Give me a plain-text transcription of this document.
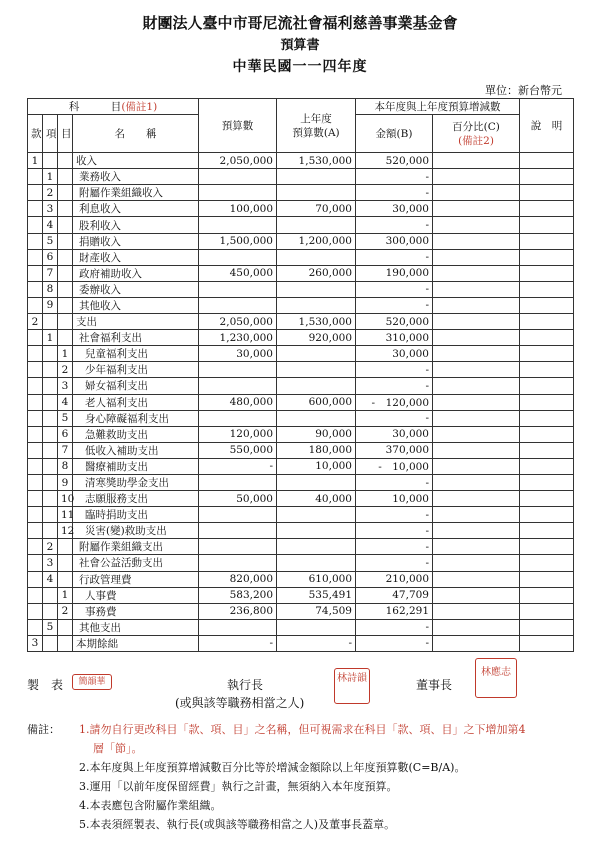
財團法人臺中市哥尼流社會福利慈善事業基金會
預算書
中華民國一一四年度
單位：新台幣元
科　　　目(備註1)				預算數	上年度
預算數(A)	本年度與上年度預算增減數		說　明
款	項	目	名　　稱			金額(B)	百分比(C)
(備註2)	

1			收入	2,050,000	1,530,000	520,000		
	1		業務收入			-		
	2		附屬作業組織收入			-		
	3		利息收入	100,000	70,000	30,000		
	4		股利收入			-		
	5		捐贈收入	1,500,000	1,200,000	300,000		
	6		財產收入			-		
	7		政府補助收入	450,000	260,000	190,000		
	8		委辦收入			-		
	9		其他收入			-		
2			支出	2,050,000	1,530,000	520,000		
	1		社會福利支出	1,230,000	920,000	310,000		
		1	兒童福利支出	30,000		30,000		
		2	少年福利支出			-		
		3	婦女福利支出			-		
		4	老人福利支出	480,000	600,000	-　120,000		
		5	身心障礙福利支出			-		
		6	急難救助支出	120,000	90,000	30,000		
		7	低收入補助支出	550,000	180,000	370,000		
		8	醫療補助支出	-	10,000	-　10,000		
		9	清寒獎助學金支出			-		
		10	志願服務支出	50,000	40,000	10,000		
		11	臨時捐助支出			-		
		12	災害(變)救助支出			-		
	2		附屬作業組織支出			-		
	3		社會公益活動支出			-		
	4		行政管理費	820,000	610,000	210,000		
		1	人事費	583,200	535,491	47,709		
		2	事務費	236,800	74,509	162,291		
	5		其他支出			-		
3			本期餘絀	-	-	-		
製　表	簡韻華	執行長
(或與該等職務相當之人)
林詩韻	董事長
林應志
備註：	1.請勿自行更改科目「款、項、目」之名稱，但可視需求在科目「款、項、目」之下增加第4
層「節」。
2.本年度與上年度預算增減數百分比等於增減金額除以上年度預算數(C=B/A)。
3.運用「以前年度保留經費」執行之計畫，無須納入本年度預算。
4.本表應包含附屬作業組織。
5.本表須經製表、執行長(或與該等職務相當之人)及董事長蓋章。
